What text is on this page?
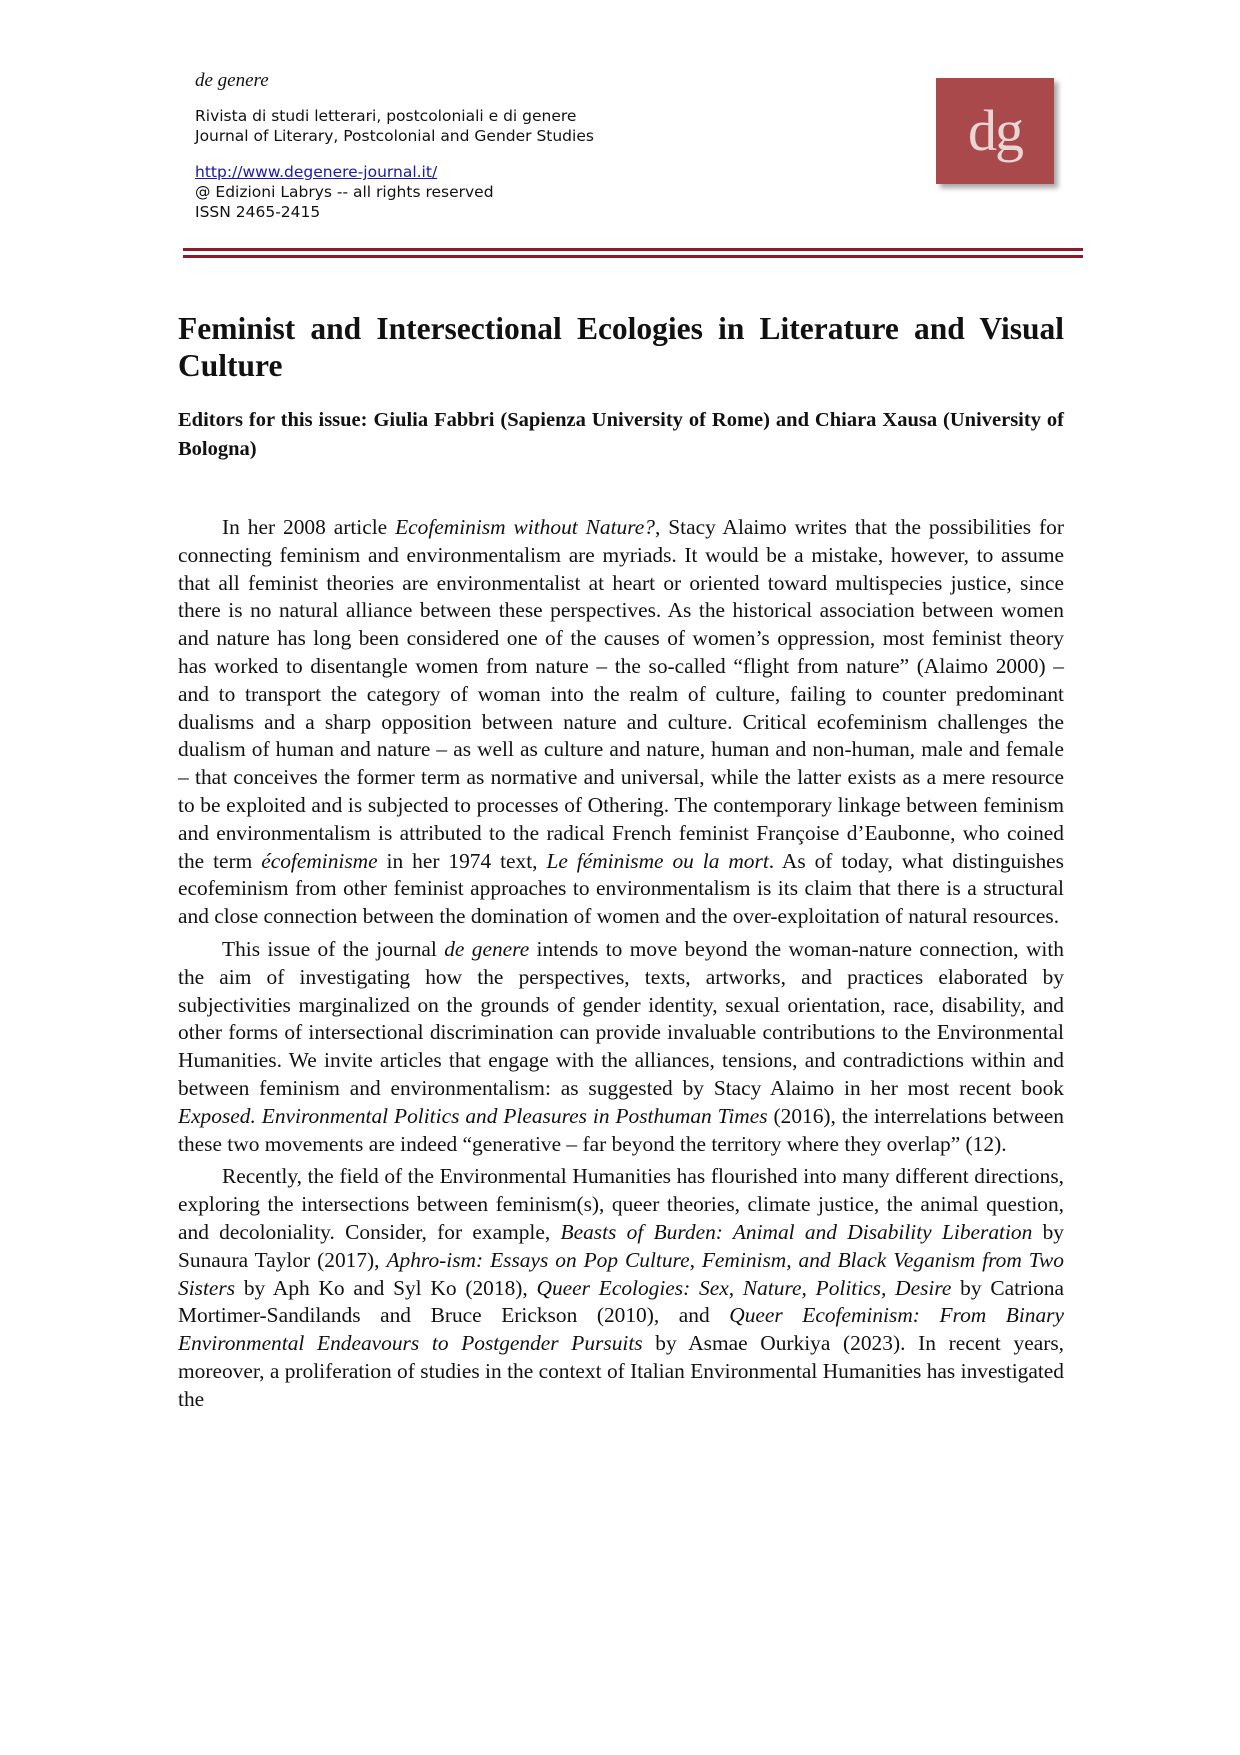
de genere

Rivista di studi letterari, postcoloniali e di genere

Journal of Literary, Postcolonial and Gender Studies

http://www.degenere-journal.it/

@ Edizioni Labrys -- all rights reserved

ISSN 2465-2415

dg
Feminist and Intersectional Ecologies in Literature and Visual Culture

Editors for this issue: Giulia Fabbri (Sapienza University of Rome) and Chiara Xausa (University of Bologna)

In her 2008 article Ecofeminism without Nature?, Stacy Alaimo writes that the possibilities for connecting feminism and environmentalism are myriads. It would be a mistake, however, to assume that all feminist theories are environmentalist at heart or oriented toward multispecies justice, since there is no natural alliance between these perspectives. As the historical association between women and nature has long been considered one of the causes of women’s oppression, most feminist theory has worked to disentangle women from nature – the so-called “flight from nature” (Alaimo 2000) – and to transport the category of woman into the realm of culture, failing to counter predominant dualisms and a sharp opposition between nature and culture. Critical ecofeminism challenges the dualism of human and nature – as well as culture and nature, human and non-human, male and female – that conceives the former term as normative and universal, while the latter exists as a mere resource to be exploited and is subjected to processes of Othering. The contemporary linkage between feminism and environmentalism is attributed to the radical French feminist Françoise d’Eaubonne, who coined the term écofeminisme in her 1974 text, Le féminisme ou la mort. As of today, what distinguishes ecofeminism from other feminist approaches to environmentalism is its claim that there is a structural and close connection between the domination of women and the over-exploitation of natural resources.

This issue of the journal de genere intends to move beyond the woman-nature connection, with the aim of investigating how the perspectives, texts, artworks, and practices elaborated by subjectivities marginalized on the grounds of gender identity, sexual orientation, race, disability, and other forms of intersectional discrimination can provide invaluable contributions to the Environmental Humanities. We invite articles that engage with the alliances, tensions, and contradictions within and between feminism and environmentalism: as suggested by Stacy Alaimo in her most recent book Exposed. Environmental Politics and Pleasures in Posthuman Times (2016), the interrelations between these two movements are indeed “generative – far beyond the territory where they overlap” (12).

Recently, the field of the Environmental Humanities has flourished into many different directions, exploring the intersections between feminism(s), queer theories, climate justice, the animal question, and decoloniality. Consider, for example, Beasts of Burden: Animal and Disability Liberation by Sunaura Taylor (2017), Aphro-ism: Essays on Pop Culture, Feminism, and Black Veganism from Two Sisters by Aph Ko and Syl Ko (2018), Queer Ecologies: Sex, Nature, Politics, Desire by Catriona Mortimer-Sandilands and Bruce Erickson (2010), and Queer Ecofeminism: From Binary Environmental Endeavours to Postgender Pursuits by Asmae Ourkiya (2023). In recent years, moreover, a proliferation of studies in the context of Italian Environmental Humanities has investigated the
